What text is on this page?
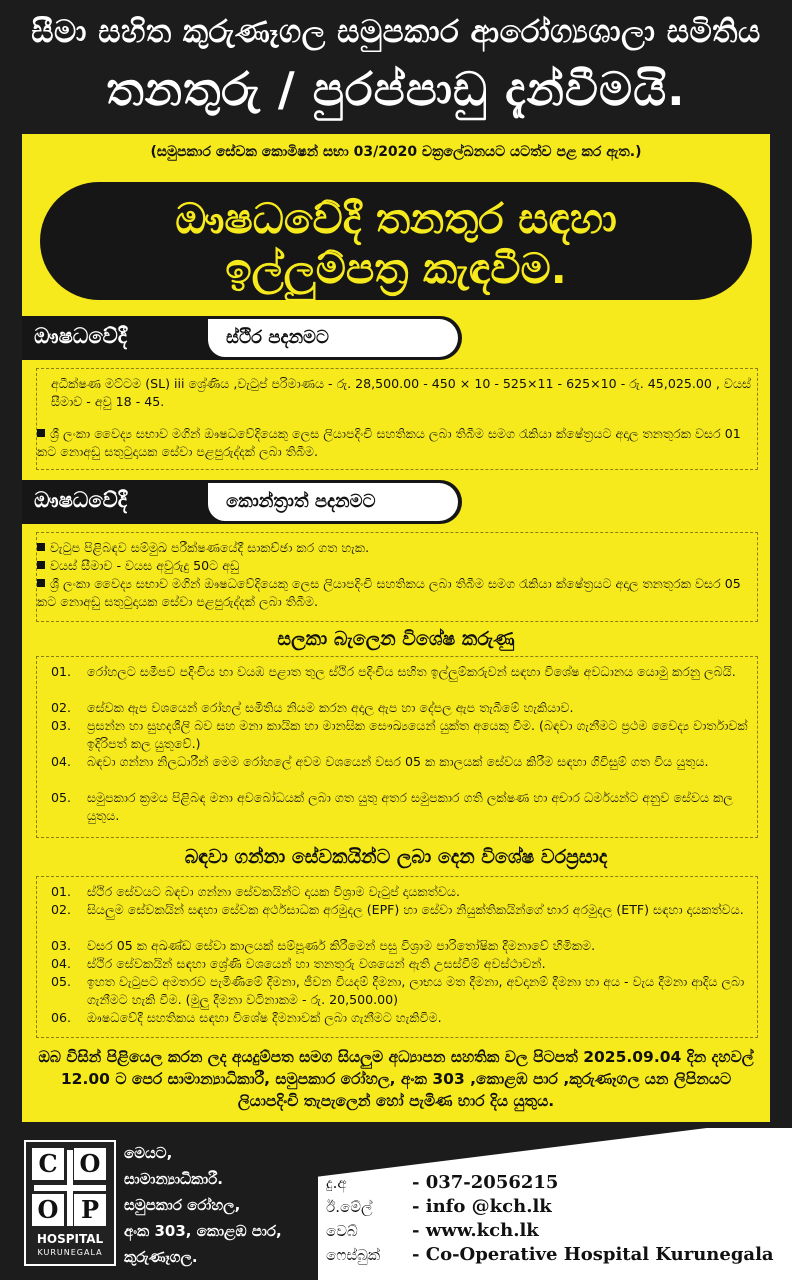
සීමා සහිත කුරුණෑගල සමුපකාර ආරෝග්‍යශාලා සමිතිය
තනතුරු / පුරප්පාඩු දැන්වීමයි.
(සමුපකාර සේවක කොමිෂන් සභා 03/2020 චක්‍රලේඛනයට යටත්ව පළ කර ඇත.)
ඖෂධවේදී තනතුර සඳහා
ඉල්ලුම්පත්‍ර කැඳවීම.
ඖෂධවේදී	ස්ථිර පදනමට
අධීක්ෂණ මට්ටම (SL) iii ශ්‍රේණිය ,වැටුප් පරිමාණය - රු. 28,500.00 - 450 × 10 - 525×11 - 625×10 - රු. 45,025.00 , වයස් සීමාව - අවු 18 - 45.
ශ්‍රී ලංකා වෛද්‍ය සභාව මගින් ඖෂධවේදියෙකු ලෙස ලියාපදිංචි සහතිකය ලබා තිබීම සමග රැකියා ක්ෂේත්‍රයට අදාල තනතුරක වසර 01 කට නොඅඩු සතුටුදායක සේවා පළපුරුද්දක් ලබා තිබීම.
ඖෂධවේදී	කොන්ත්‍රාත් පදනමට
වැටුප පිළිබඳව සම්මුඛ පරීක්ෂණයේදී සාකච්ඡා කර ගත හැක.
වයස් සීමාව - වයස අවුරුදු 50ට අඩු
ශ්‍රී ලංකා වෛද්‍ය සභාව මගින් ඖෂධවේදියෙකු ලෙස ලියාපදිංචි සහතිකය ලබා තිබීම සමග රැකියා ක්ෂේත්‍රයට අදාල තනතුරක වසර 05 කට නොඅඩු සතුටුදායක සේවා පළපුරුද්දක් ලබා තිබීම.
සලකා බැලෙන විශේෂ කරුණු
01.	රෝහලට සමීපව පදිංචිය හා වයඹ පළාත තුල ස්ථිර පදිංචිය සහිත ඉල්ලුම්කරුවන් සඳහා විශේෂ අවධානය යොමු කරනු ලබයි.
02.	සේවක ඇප වශයෙන් රෝහල් සමිතිය නියම කරන අදාල ඇප හා දේපල ඇප තැබීමේ හැකියාව.
03.	ප්‍රසන්න හා සුහදශීලි බව සහ මනා කායික හා මානසික සෞඛ්‍යයෙන් යුක්ත අයෙකු වීම. (බඳවා ගැනීමට ප්‍රථම වෛද්‍ය වාර්තාවක් ඉදිරිපත් කල යුතුවේ.)
04.	බඳවා ගන්නා නිලධාරීන් මෙම රෝහලේ අවම වශයෙන් වසර 05 ක කාලයක් සේවය කිරීම සඳහා ගිවිසුම් ගත විය යුතුය.
05.	සමුපකාර ක්‍රමය පිළිබඳ මනා අවබෝධයක් ලබා ගත යුතු අතර සමුපකාර ගති ලක්ෂණ හා අචාර ධර්මයන්ට අනුව සේවය කල යුතුය.
බඳවා ගන්නා සේවකයින්ට ලබා දෙන විශේෂ වරප්‍රසාද
01.	ස්ථිර සේවයට බඳවා ගන්නා සේවකයින්ට දායක විශ්‍රාම වැටුප් දායකත්වය.
02.	සියලුම සේවකයින් සඳහා සේවක අර්ථසාධක අරමුදල (EPF) හා සේවා නියුක්තිකයින්ගේ භාර අරමුදල (ETF) සඳහා දායකත්වය.
03.	වසර 05 ක අඛණ්ඩ සේවා කාලයක් සම්පූර්ණ කිරීමෙන් පසු විශ්‍රාම පාරිතෝෂික දීමනාවේ හිමිකම.
04.	ස්ථිර සේවකයින් සඳහා ශ්‍රේණි වශයෙන් හා තනතුරු වශයෙන් ඇති උසස්වීම් අවස්ථාවන්.
05.	ඉහත වැටුපට අමතරව පැමිණීමේ දීමනා, ජීවන වියදම් දීමනා, ලාභය මත දීමනා, අවදානම් දීමනා හා අය - වැය දීමනා ආදිය ලබා ගැනීමට හැකි වීම. (මුලු දීමනා වටිනාකම - රු. 20,500.00)
06.	ඖෂධවේදී සහතිකය සඳහා විශේෂ දීමනාවක් ලබා ගැනීමට හැකිවීම.
ඔබ විසින් පිළියෙල කරන ලද අයදුම්පත සමග සියලුම අධ්‍යාපන සහතික වල පිටපත් 2025.09.04 දින දහවල් 12.00 ට පෙර සාමාන්‍යාධිකාරී, සමුපකාර රෝහල, අංක 303 ,කොළඹ පාර ,කුරුණෑගල යන ලිපිනයට ලියාපදිංචි තැපැලෙන් හෝ පැමිණ භාර දිය යුතුය.
C O
O P
HOSPITAL
KURUNEGALA
මෙයට,
සාමාන්‍යාධිකාරී.
සමුපකාර රෝහල,
අංක 303, කොළඹ පාර,
කුරුණෑගල.
දු.අ	- 037-2056215
ඊ.මේල් - info @kch.lk
වෙබ්	- www.kch.lk
ෆෙස්බුක් - Co-Operative Hospital Kurunegala
